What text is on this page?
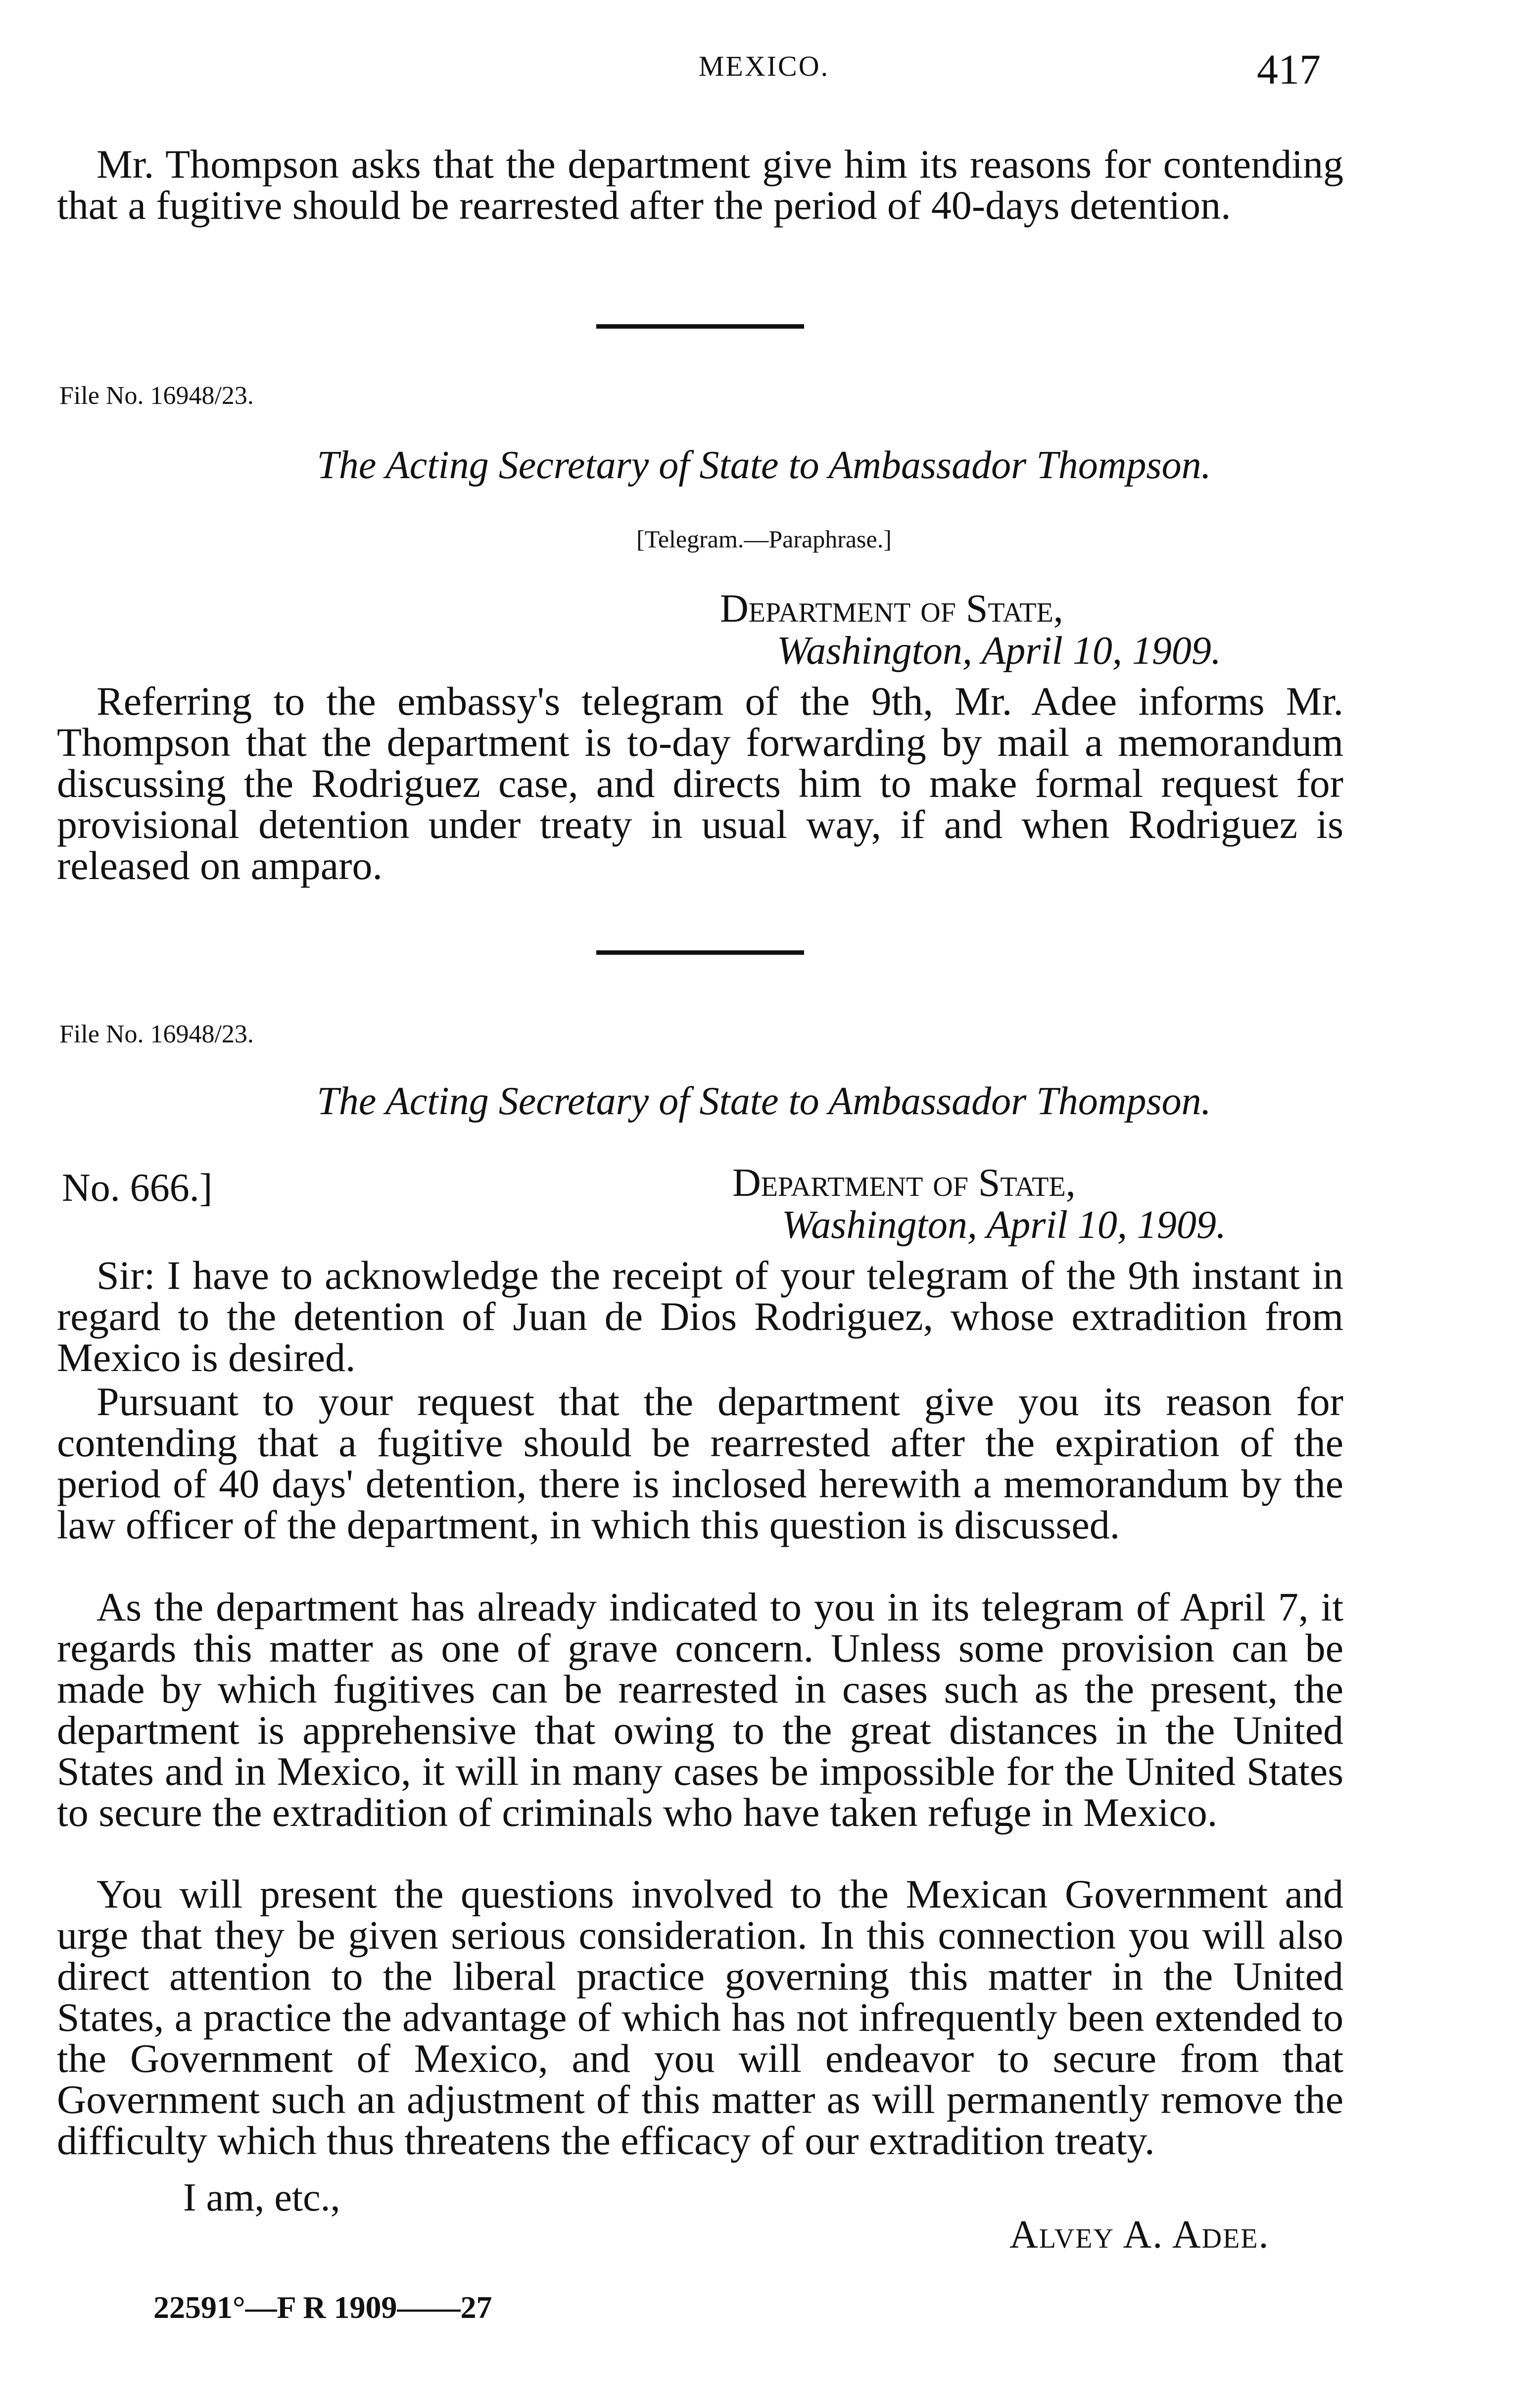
MEXICO.	417
Mr. Thompson asks that the department give him its reasons for contending that a fugitive should be rearrested after the period of 40-days detention.
File No. 16948/23.
The Acting Secretary of State to Ambassador Thompson.
[Telegram.—Paraphrase.]
Department of State,
Washington, April 10, 1909.
Referring to the embassy's telegram of the 9th, Mr. Adee informs Mr. Thompson that the department is to-day forwarding by mail a memorandum discussing the Rodriguez case, and directs him to make formal request for provisional detention under treaty in usual way, if and when Rodriguez is released on amparo.
File No. 16948/23.
The Acting Secretary of State to Ambassador Thompson.
No. 666.]	Department of State,
Washington, April 10, 1909.
Sir: I have to acknowledge the receipt of your telegram of the 9th instant in regard to the detention of Juan de Dios Rodriguez, whose extradition from Mexico is desired.
Pursuant to your request that the department give you its reason for contending that a fugitive should be rearrested after the expiration of the period of 40 days' detention, there is inclosed herewith a memorandum by the law officer of the department, in which this question is discussed.
As the department has already indicated to you in its telegram of April 7, it regards this matter as one of grave concern. Unless some provision can be made by which fugitives can be rearrested in cases such as the present, the department is apprehensive that owing to the great distances in the United States and in Mexico, it will in many cases be impossible for the United States to secure the extradition of criminals who have taken refuge in Mexico.
You will present the questions involved to the Mexican Government and urge that they be given serious consideration. In this connection you will also direct attention to the liberal practice governing this matter in the United States, a practice the advantage of which has not infrequently been extended to the Government of Mexico, and you will endeavor to secure from that Government such an adjustment of this matter as will permanently remove the difficulty which thus threatens the efficacy of our extradition treaty.
I am, etc.,
Alvey A. Adee.
22591°—F R 1909——27
